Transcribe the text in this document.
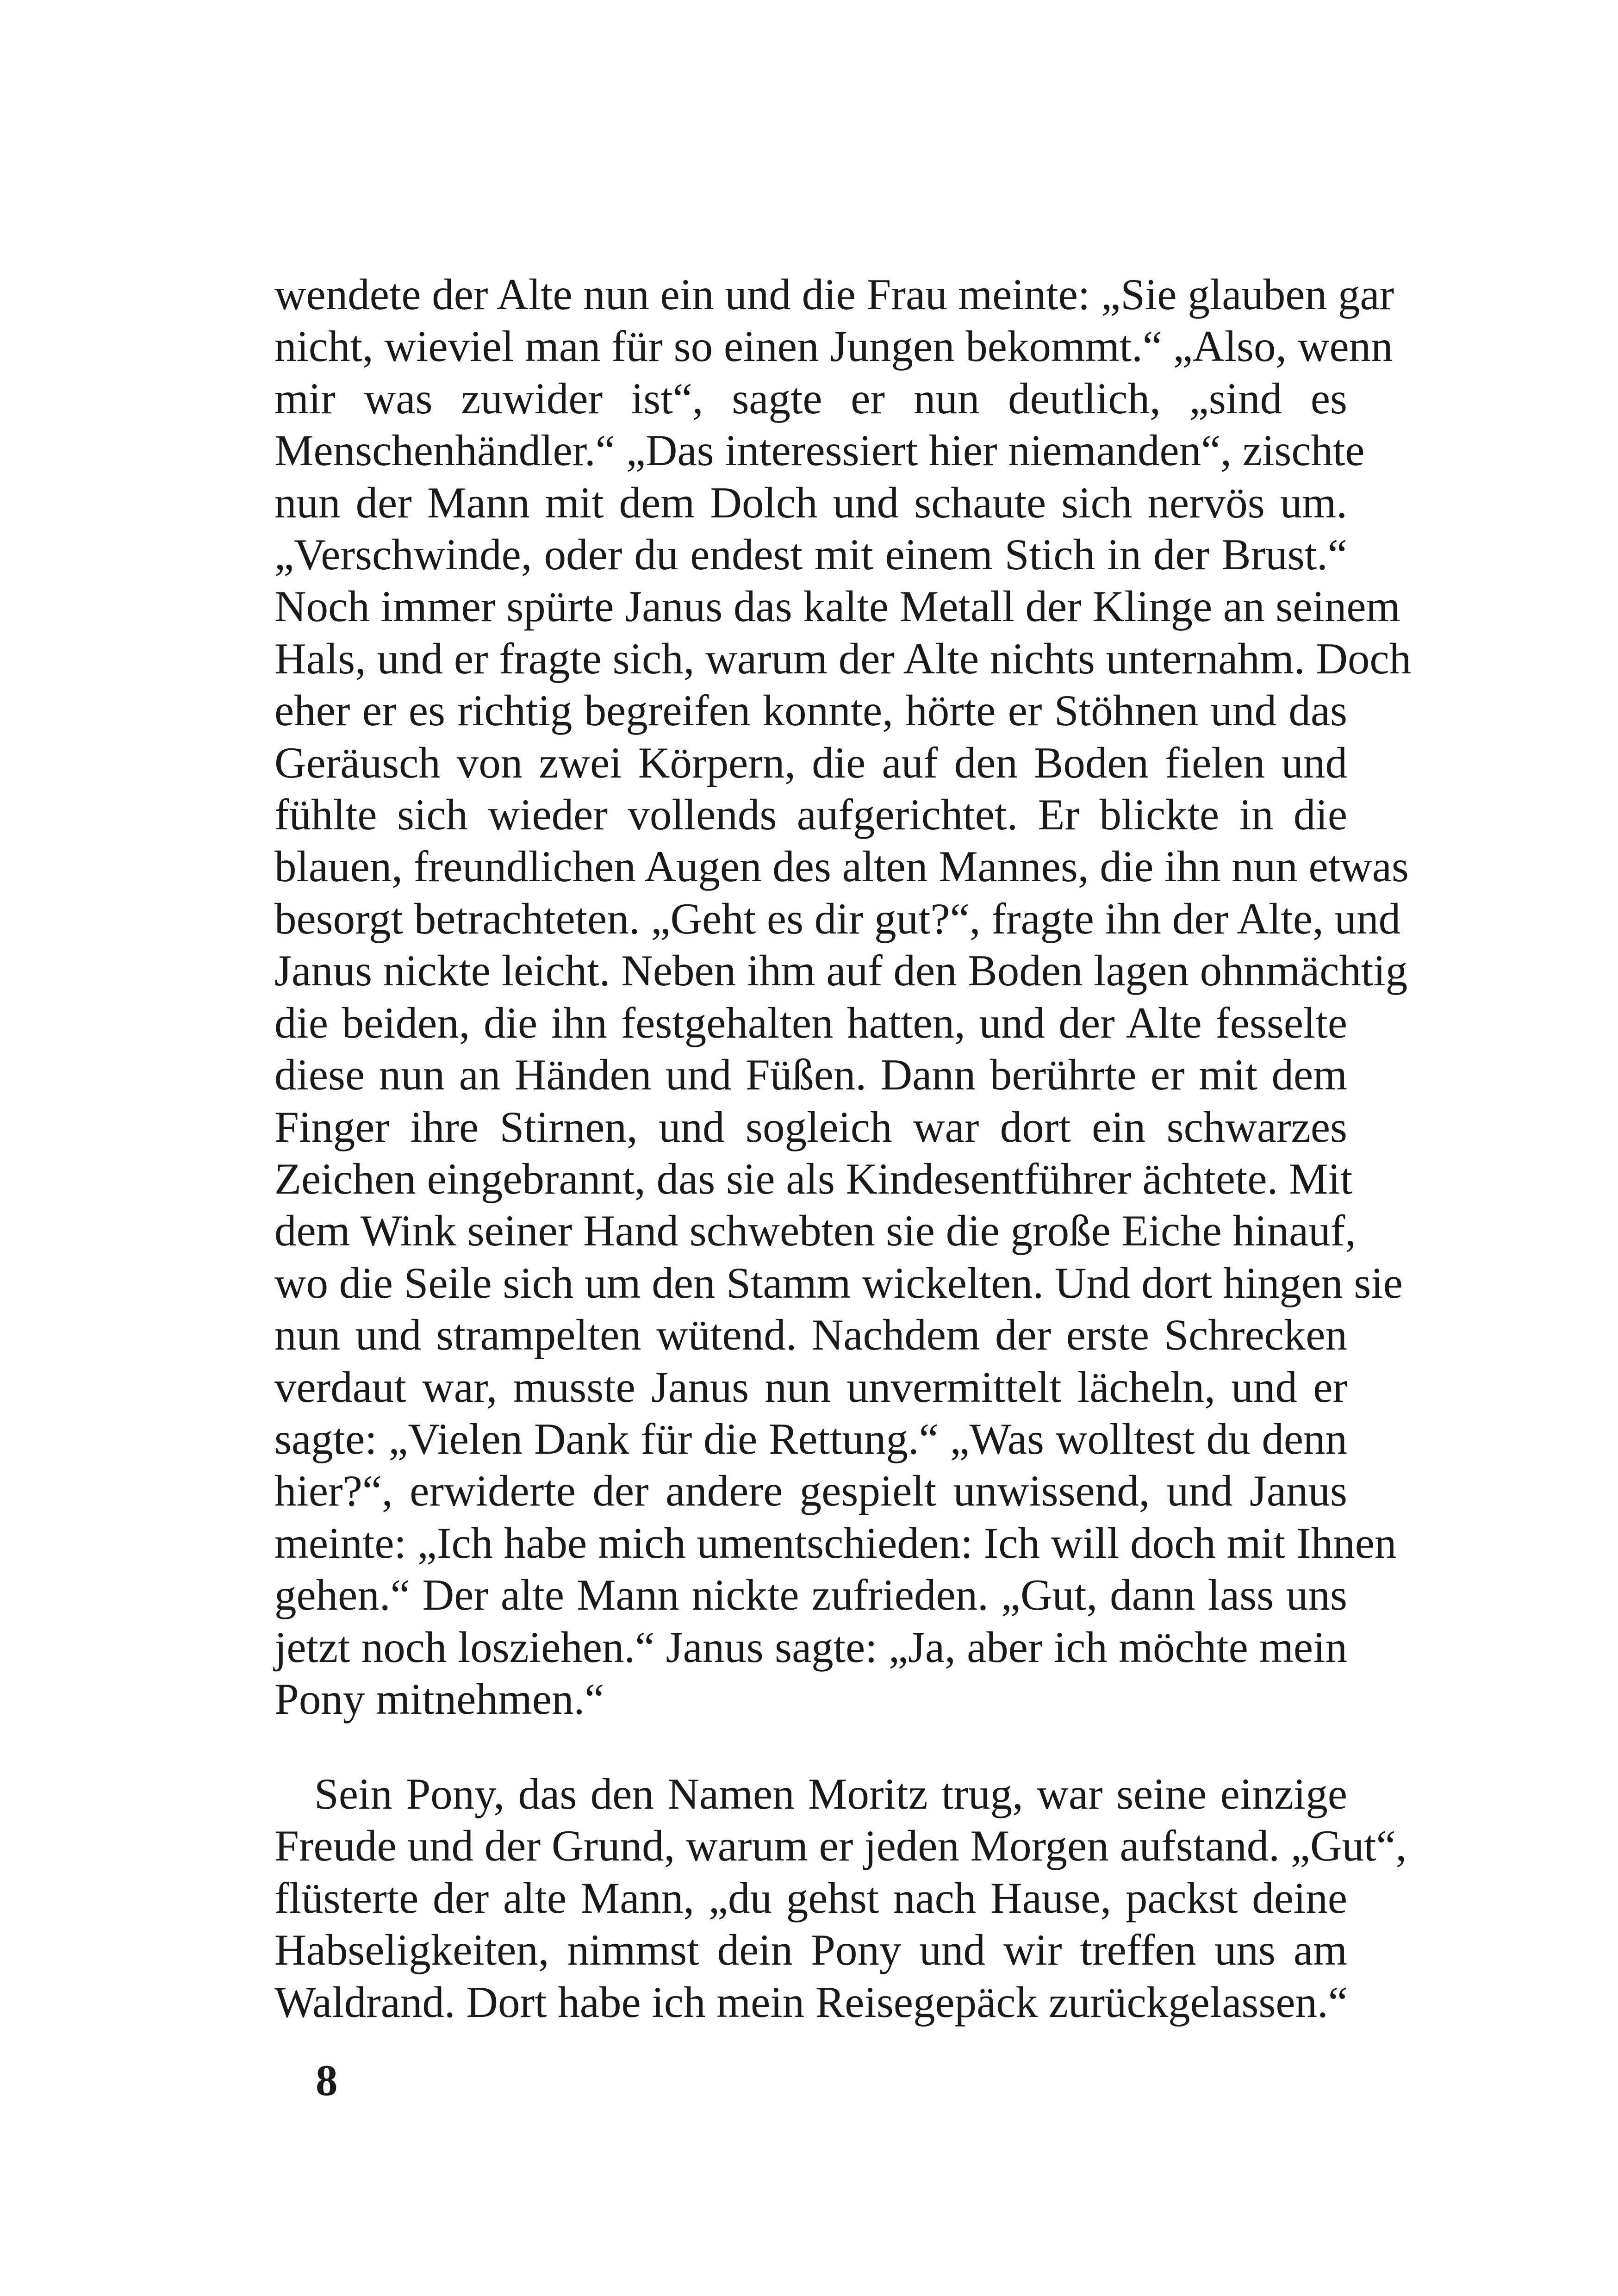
wendete der Alte nun ein und die Frau meinte: „Sie glauben gar
nicht, wieviel man für so einen Jungen bekommt.“ „Also, wenn
mir was zuwider ist“, sagte er nun deutlich, „sind es
Menschenhändler.“ „Das interessiert hier niemanden“, zischte
nun der Mann mit dem Dolch und schaute sich nervös um.
„Verschwinde, oder du endest mit einem Stich in der Brust.“
Noch immer spürte Janus das kalte Metall der Klinge an seinem
Hals, und er fragte sich, warum der Alte nichts unternahm. Doch
eher er es richtig begreifen konnte, hörte er Stöhnen und das
Geräusch von zwei Körpern, die auf den Boden fielen und
fühlte sich wieder vollends aufgerichtet. Er blickte in die
blauen, freundlichen Augen des alten Mannes, die ihn nun etwas
besorgt betrachteten. „Geht es dir gut?“, fragte ihn der Alte, und
Janus nickte leicht. Neben ihm auf den Boden lagen ohnmächtig
die beiden, die ihn festgehalten hatten, und der Alte fesselte
diese nun an Händen und Füßen. Dann berührte er mit dem
Finger ihre Stirnen, und sogleich war dort ein schwarzes
Zeichen eingebrannt, das sie als Kindesentführer ächtete. Mit
dem Wink seiner Hand schwebten sie die große Eiche hinauf,
wo die Seile sich um den Stamm wickelten. Und dort hingen sie
nun und strampelten wütend. Nachdem der erste Schrecken
verdaut war, musste Janus nun unvermittelt lächeln, und er
sagte: „Vielen Dank für die Rettung.“ „Was wolltest du denn
hier?“, erwiderte der andere gespielt unwissend, und Janus
meinte: „Ich habe mich umentschieden: Ich will doch mit Ihnen
gehen.“ Der alte Mann nickte zufrieden. „Gut, dann lass uns
jetzt noch losziehen.“ Janus sagte: „Ja, aber ich möchte mein
Pony mitnehmen.“

Sein Pony, das den Namen Moritz trug, war seine einzige
Freude und der Grund, warum er jeden Morgen aufstand. „Gut“,
flüsterte der alte Mann, „du gehst nach Hause, packst deine
Habseligkeiten, nimmst dein Pony und wir treffen uns am
Waldrand. Dort habe ich mein Reisegepäck zurückgelassen.“

8
